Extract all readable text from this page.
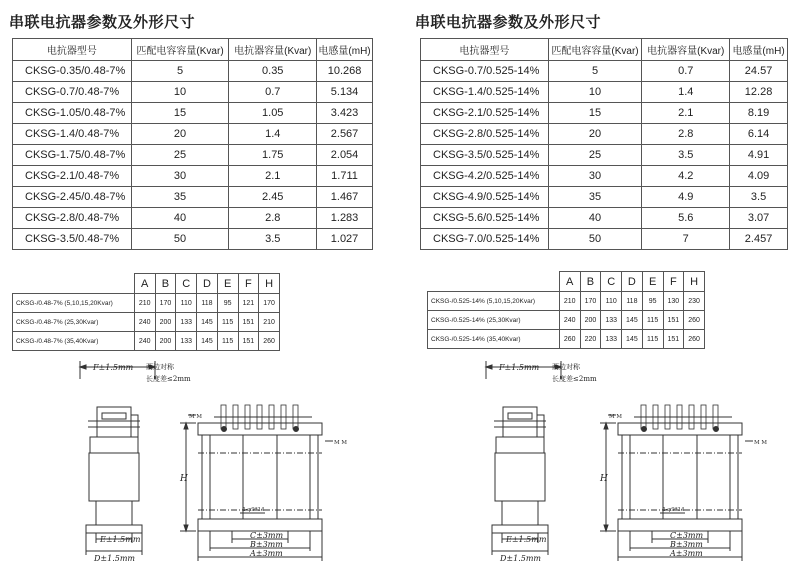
串联电抗器参数及外形尺寸
电抗器型号	匹配电容容量(Kvar)	电抗器容量(Kvar)	电感量(mH)
CKSG-0.35/0.48-7%	5	0.35	10.268
CKSG-0.7/0.48-7%	10	0.7	5.134
CKSG-1.05/0.48-7%	15	1.05	3.423
CKSG-1.4/0.48-7%	20	1.4	2.567
CKSG-1.75/0.48-7%	25	1.75	2.054
CKSG-2.1/0.48-7%	30	2.1	1.711
CKSG-2.45/0.48-7%	35	2.45	1.467
CKSG-2.8/0.48-7%	40	2.8	1.283
CKSG-3.5/0.48-7%	50	3.5	1.027
	A	B	C	D	E	F	H
CKSG-/0.48-7% (5,10,15,20Kvar)	210	170	110	118	95	121	170
CKSG-/0.48-7% (25,30Kvar)	240	200	133	145	115	151	210
CKSG-/0.48-7% (35,40Kvar)	240	200	133	145	115	151	260
串联电抗器参数及外形尺寸
电抗器型号	匹配电容容量(Kvar)	电抗器容量(Kvar)	电感量(mH)
CKSG-0.7/0.525-14%	5	0.7	24.57
CKSG-1.4/0.525-14%	10	1.4	12.28
CKSG-2.1/0.525-14%	15	2.1	8.19
CKSG-2.8/0.525-14%	20	2.8	6.14
CKSG-3.5/0.525-14%	25	3.5	4.91
CKSG-4.2/0.525-14%	30	4.2	4.09
CKSG-4.9/0.525-14%	35	4.9	3.5
CKSG-5.6/0.525-14%	40	5.6	3.07
CKSG-7.0/0.525-14%	50	7	2.457
	A	B	C	D	E	F	H
CKSG-/0.525-14% (5,10,15,20Kvar)	210	170	110	118	95	130	230
CKSG-/0.525-14% (25,30Kvar)	240	200	133	145	115	151	260
CKSG-/0.525-14% (35,40Kvar)	260	220	133	145	115	151	260
F±1.5mm 两边对称
长度差≤2mm
H
E±1.5mm
D±1.5mm
C±3mm
B±3mm
A±3mm
4-φ9*14
M M
M M
F±1.5mm 两边对称
长度差≤2mm
H
E±1.5mm
D±1.5mm
C±3mm
B±3mm
A±3mm
4-φ9*14
M M
M M
